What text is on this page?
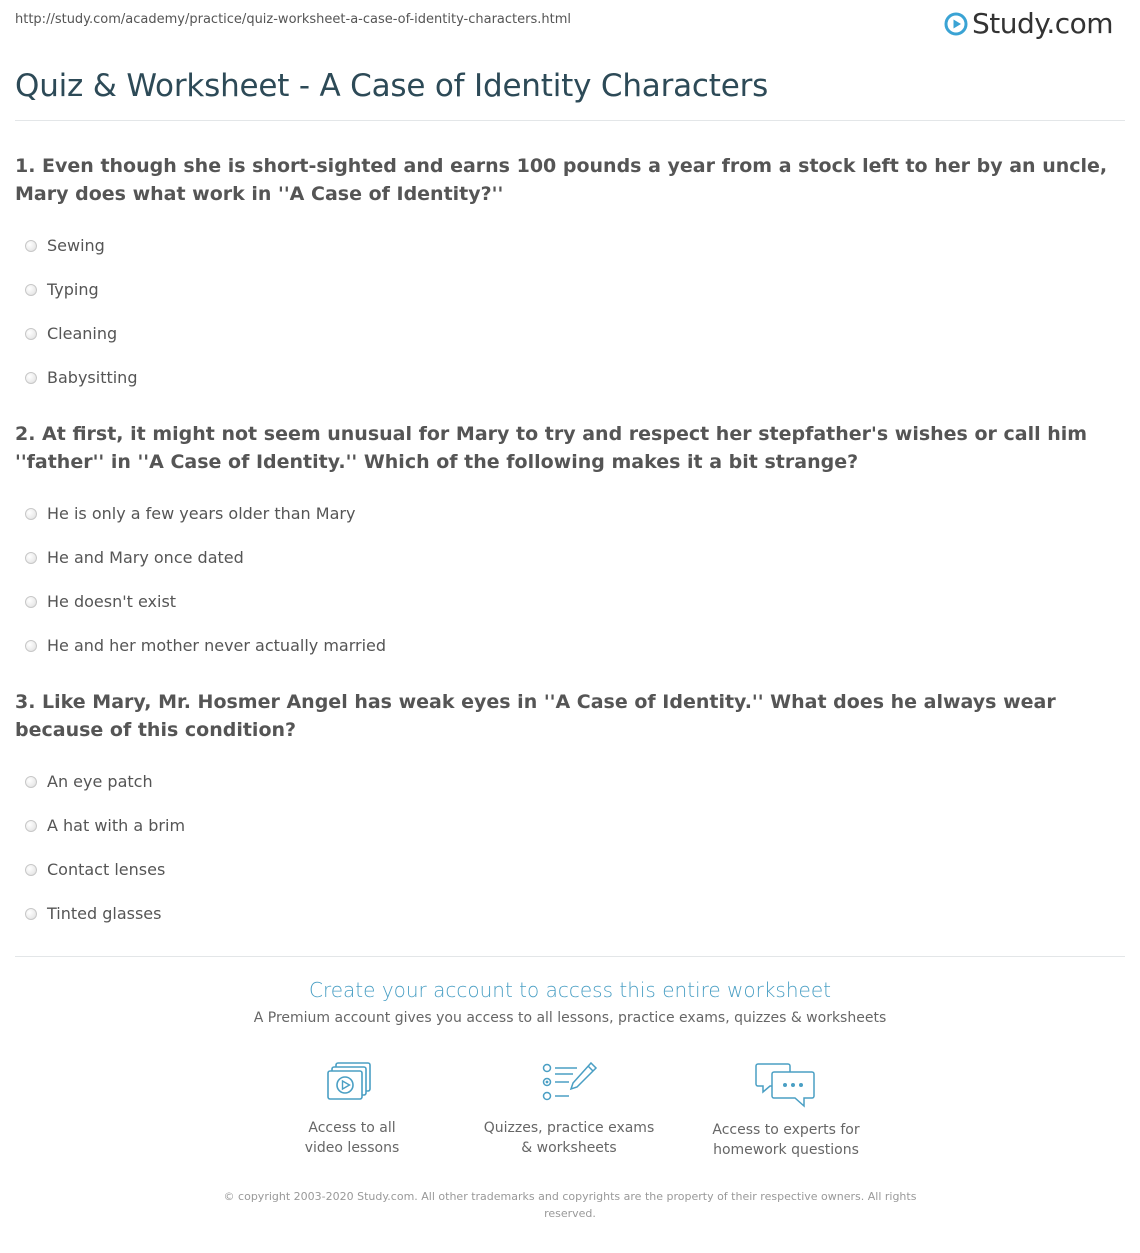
http://study.com/academy/practice/quiz-worksheet-a-case-of-identity-characters.html	Study.com
Quiz & Worksheet - A Case of Identity Characters
1. Even though she is short-sighted and earns 100 pounds a year from a stock left to her by an uncle, Mary does what work in ''A Case of Identity?''
Sewing
Typing
Cleaning
Babysitting
2. At first, it might not seem unusual for Mary to try and respect her stepfather's wishes or call him ''father'' in ''A Case of Identity.'' Which of the following makes it a bit strange?
He is only a few years older than Mary
He and Mary once dated
He doesn't exist
He and her mother never actually married
3. Like Mary, Mr. Hosmer Angel has weak eyes in ''A Case of Identity.'' What does he always wear because of this condition?
An eye patch
A hat with a brim
Contact lenses
Tinted glasses
Create your account to access this entire worksheet
A Premium account gives you access to all lessons, practice exams, quizzes & worksheets
Access to all
video lessons
Quizzes, practice exams
& worksheets
Access to experts for
homework questions
© copyright 2003-2020 Study.com. All other trademarks and copyrights are the property of their respective owners. All rights reserved.
